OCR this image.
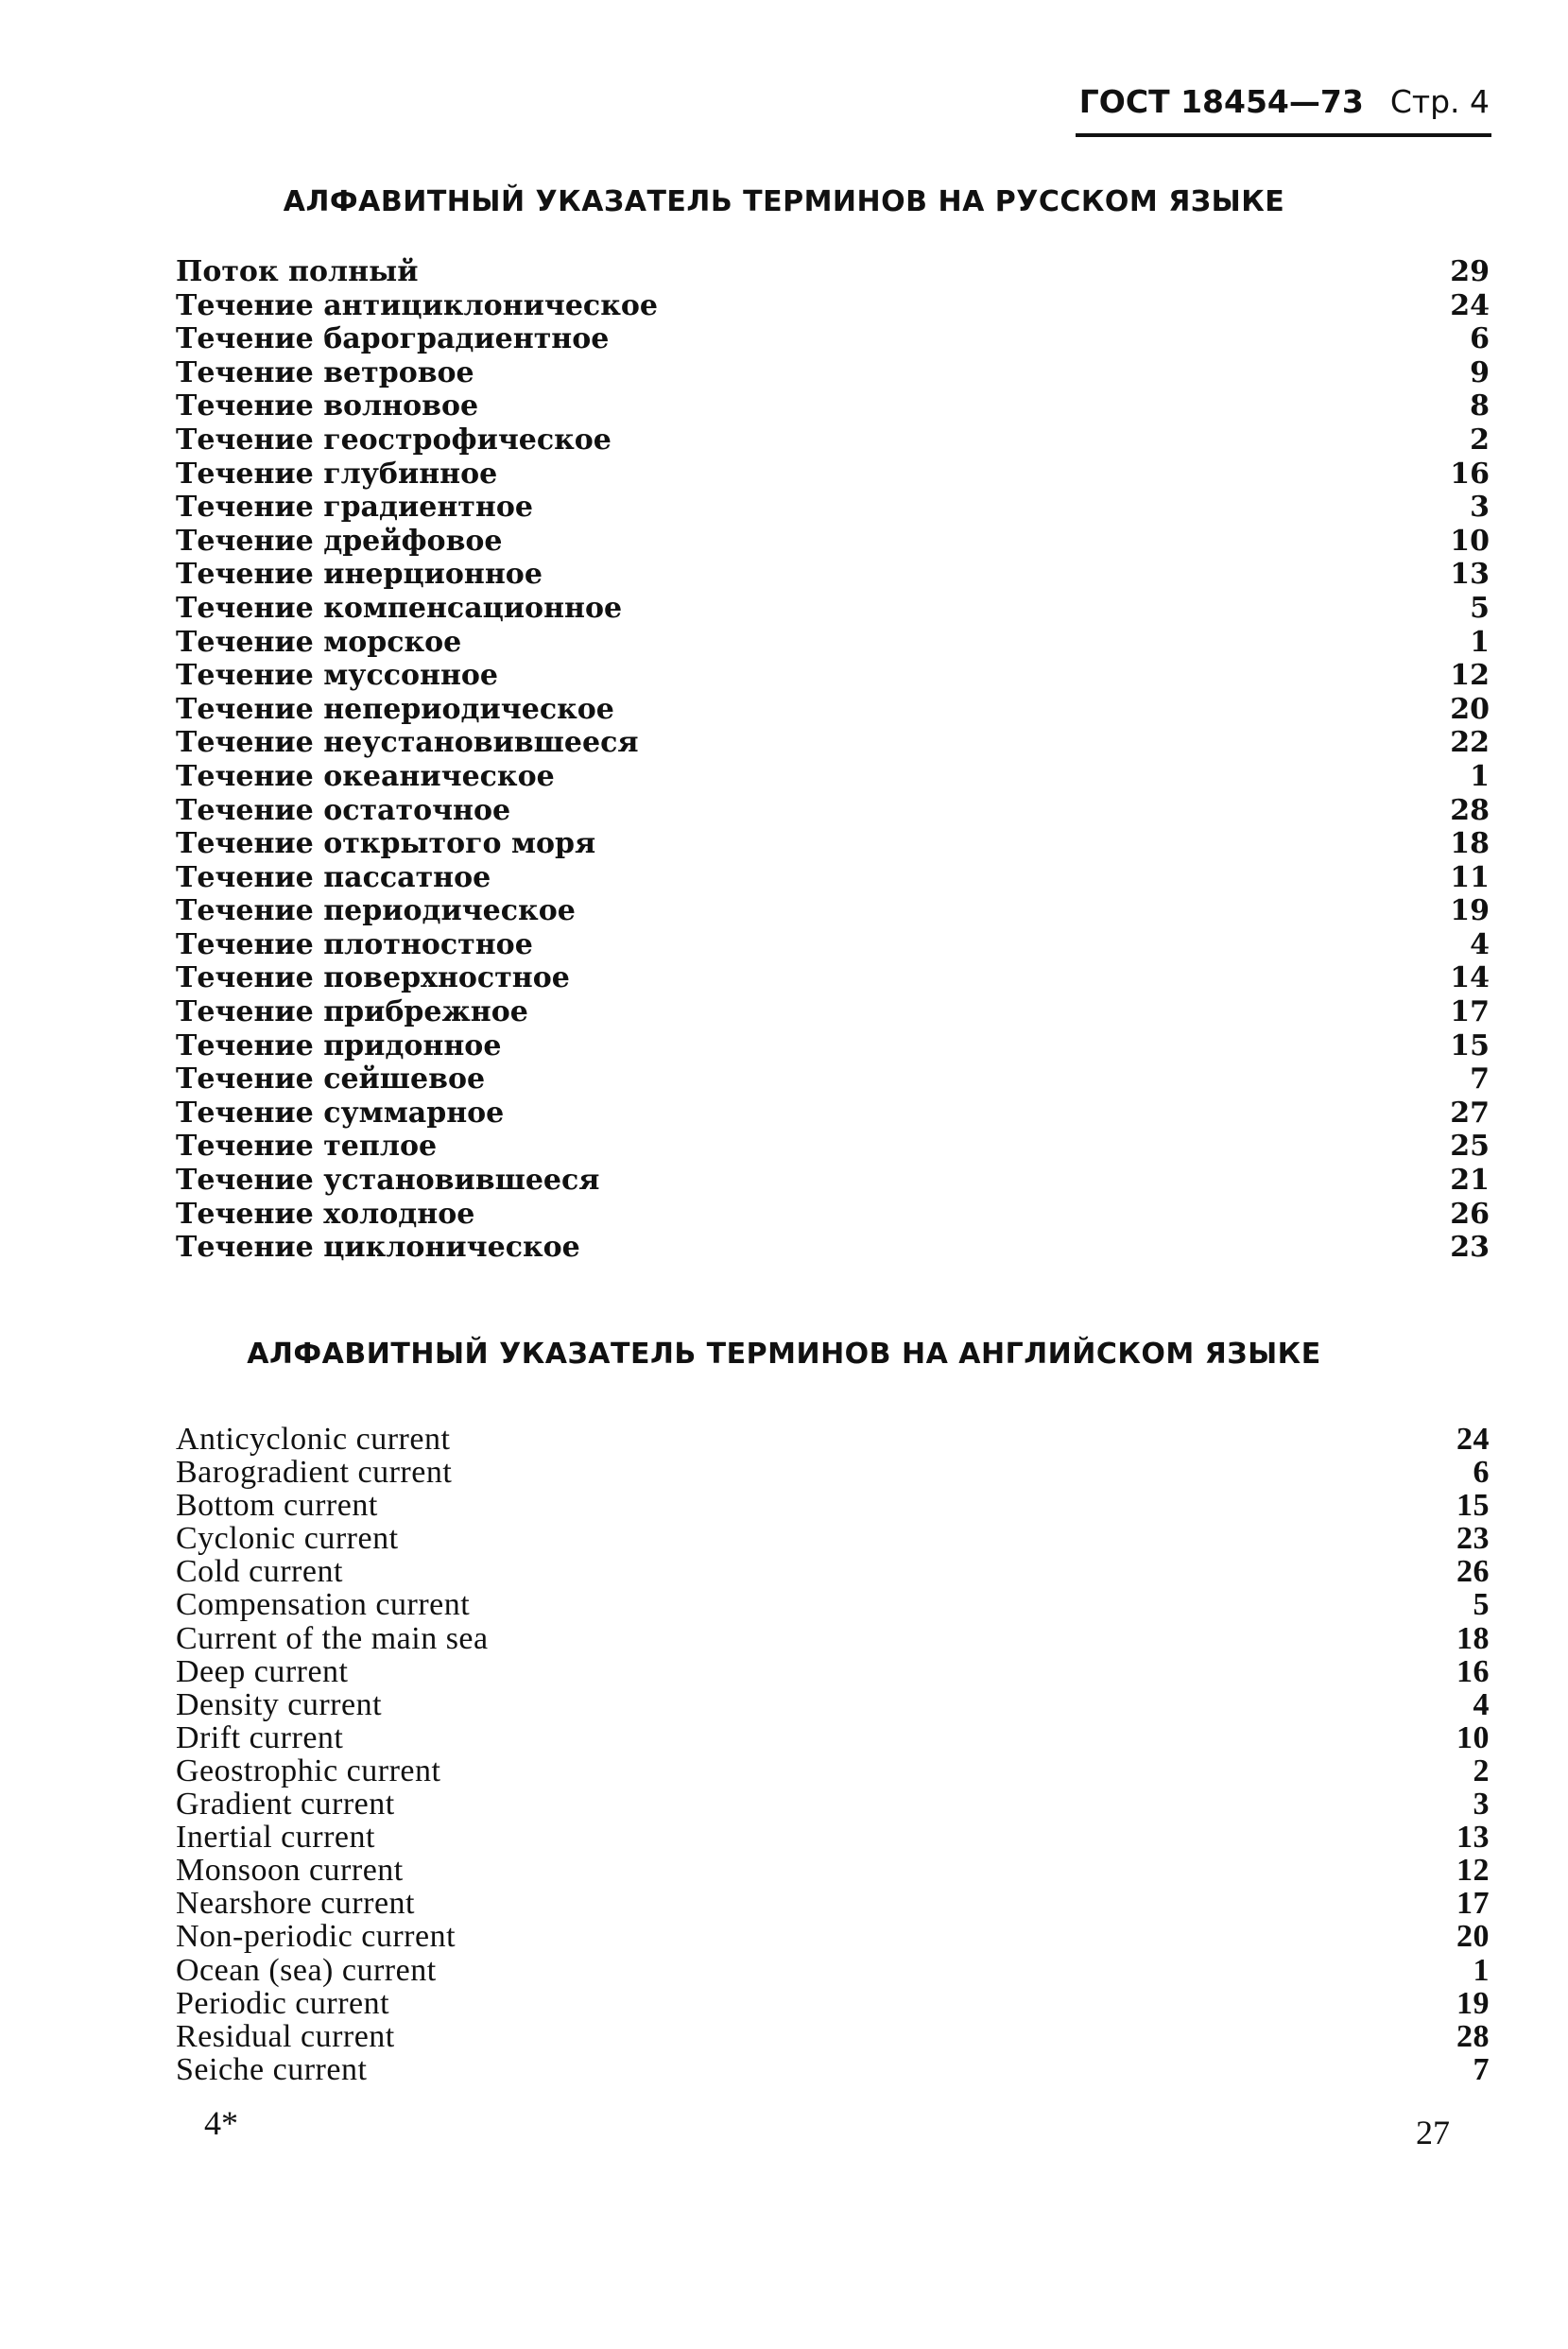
ГОСТ 18454—73 Стр. 4
АЛФАВИТНЫЙ УКАЗАТЕЛЬ ТЕРМИНОВ НА РУССКОМ ЯЗЫКЕ
Поток полный	29
Течение антициклоническое	24
Течение бароградиентное	6
Течение ветровое	9
Течение волновое	8
Течение геострофическое	2
Течение глубинное	16
Течение градиентное	3
Течение дрейфовое	10
Течение инерционное	13
Течение компенсационное	5
Течение морское	1
Течение муссонное	12
Течение непериодическое	20
Течение неустановившееся	22
Течение океаническое	1
Течение остаточное	28
Течение открытого моря	18
Течение пассатное	11
Течение периодическое	19
Течение плотностное	4
Течение поверхностное	14
Течение прибрежное	17
Течение придонное	15
Течение сейшевое	7
Течение суммарное	27
Течение теплое	25
Течение установившееся	21
Течение холодное	26
Течение циклоническое	23
АЛФАВИТНЫЙ УКАЗАТЕЛЬ ТЕРМИНОВ НА АНГЛИЙСКОМ ЯЗЫКЕ
Anticyclonic current	24
Barogradient current	6
Bottom current	15
Cyclonic current	23
Cold current	26
Compensation current	5
Current of the main sea	18
Deep current	16
Density current	4
Drift current	10
Geostrophic current	2
Gradient current	3
Inertial current	13
Monsoon current	12
Nearshore current	17
Non-periodic current	20
Ocean (sea) current	1
Periodic current	19
Residual current	28
Seiche current	7
4*	27
